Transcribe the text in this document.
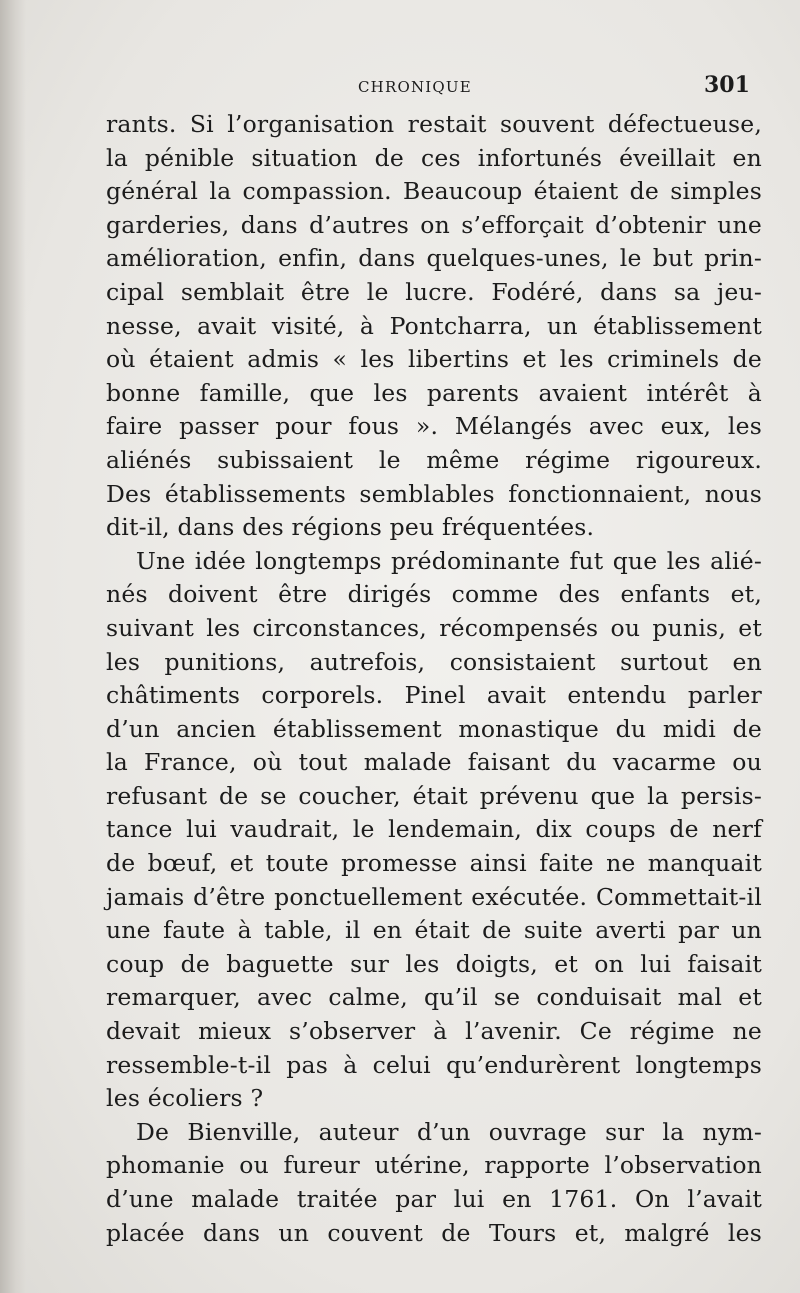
CHRONIQUE	301
rants. Si l’organisation restait souvent défectueuse,
la pénible situation de ces infortunés éveillait en
général la compassion. Beaucoup étaient de simples
garderies, dans d’autres on s’efforçait d’obtenir une
amélioration, enfin, dans quelques-unes, le but prin-
cipal semblait être le lucre. Fodéré, dans sa jeu-
nesse, avait visité, à Pontcharra, un établissement
où étaient admis « les libertins et les criminels de
bonne famille, que les parents avaient intérêt à
faire passer pour fous ». Mélangés avec eux, les
aliénés subissaient le même régime rigoureux.
Des établissements semblables fonctionnaient, nous
dit-il, dans des régions peu fréquentées.
Une idée longtemps prédominante fut que les alié-
nés doivent être dirigés comme des enfants et,
suivant les circonstances, récompensés ou punis, et
les punitions, autrefois, consistaient surtout en
châtiments corporels. Pinel avait entendu parler
d’un ancien établissement monastique du midi de
la France, où tout malade faisant du vacarme ou
refusant de se coucher, était prévenu que la persis-
tance lui vaudrait, le lendemain, dix coups de nerf
de bœuf, et toute promesse ainsi faite ne manquait
jamais d’être ponctuellement exécutée. Commettait-il
une faute à table, il en était de suite averti par un
coup de baguette sur les doigts, et on lui faisait
remarquer, avec calme, qu’il se conduisait mal et
devait mieux s’observer à l’avenir. Ce régime ne
ressemble-t-il pas à celui qu’endurèrent longtemps
les écoliers ?
De Bienville, auteur d’un ouvrage sur la nym-
phomanie ou fureur utérine, rapporte l’observation
d’une malade traitée par lui en 1761. On l’avait
placée dans un couvent de Tours et, malgré les
